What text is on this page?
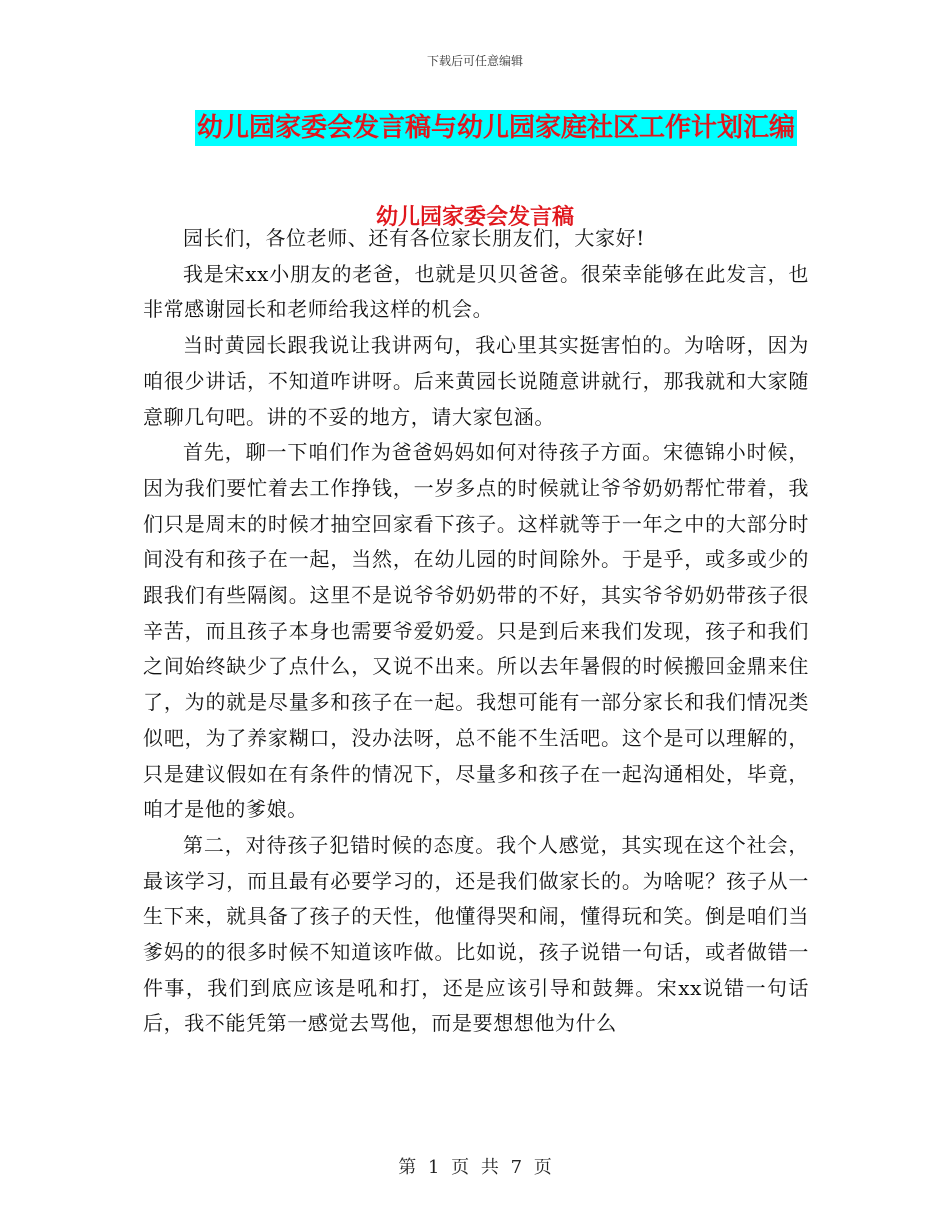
下载后可任意编辑
幼儿园家委会发言稿与幼儿园家庭社区工作计划汇编
幼儿园家委会发言稿

园长们，各位老师、还有各位家长朋友们，大家好!

我是宋xx小朋友的老爸，也就是贝贝爸爸。很荣幸能够在此发言，也非常感谢园长和老师给我这样的机会。

当时黄园长跟我说让我讲两句，我心里其实挺害怕的。为啥呀，因为咱很少讲话，不知道咋讲呀。后来黄园长说随意讲就行，那我就和大家随意聊几句吧。讲的不妥的地方，请大家包涵。

首先，聊一下咱们作为爸爸妈妈如何对待孩子方面。宋德锦小时候，因为我们要忙着去工作挣钱，一岁多点的时候就让爷爷奶奶帮忙带着，我们只是周末的时候才抽空回家看下孩子。这样就等于一年之中的大部分时间没有和孩子在一起，当然，在幼儿园的时间除外。于是乎，或多或少的跟我们有些隔阂。这里不是说爷爷奶奶带的不好，其实爷爷奶奶带孩子很辛苦，而且孩子本身也需要爷爱奶爱。只是到后来我们发现，孩子和我们之间始终缺少了点什么，又说不出来。所以去年暑假的时候搬回金鼎来住了，为的就是尽量多和孩子在一起。我想可能有一部分家长和我们情况类似吧，为了养家糊口，没办法呀，总不能不生活吧。这个是可以理解的，只是建议假如在有条件的情况下，尽量多和孩子在一起沟通相处，毕竟，咱才是他的爹娘。

第二，对待孩子犯错时候的态度。我个人感觉，其实现在这个社会，最该学习，而且最有必要学习的，还是我们做家长的。为啥呢？孩子从一生下来，就具备了孩子的天性，他懂得哭和闹，懂得玩和笑。倒是咱们当爹妈的的很多时候不知道该咋做。比如说，孩子说错一句话，或者做错一件事，我们到底应该是吼和打，还是应该引导和鼓舞。宋xx说错一句话后，我不能凭第一感觉去骂他，而是要想想他为什么

第 1 页 共 7 页
